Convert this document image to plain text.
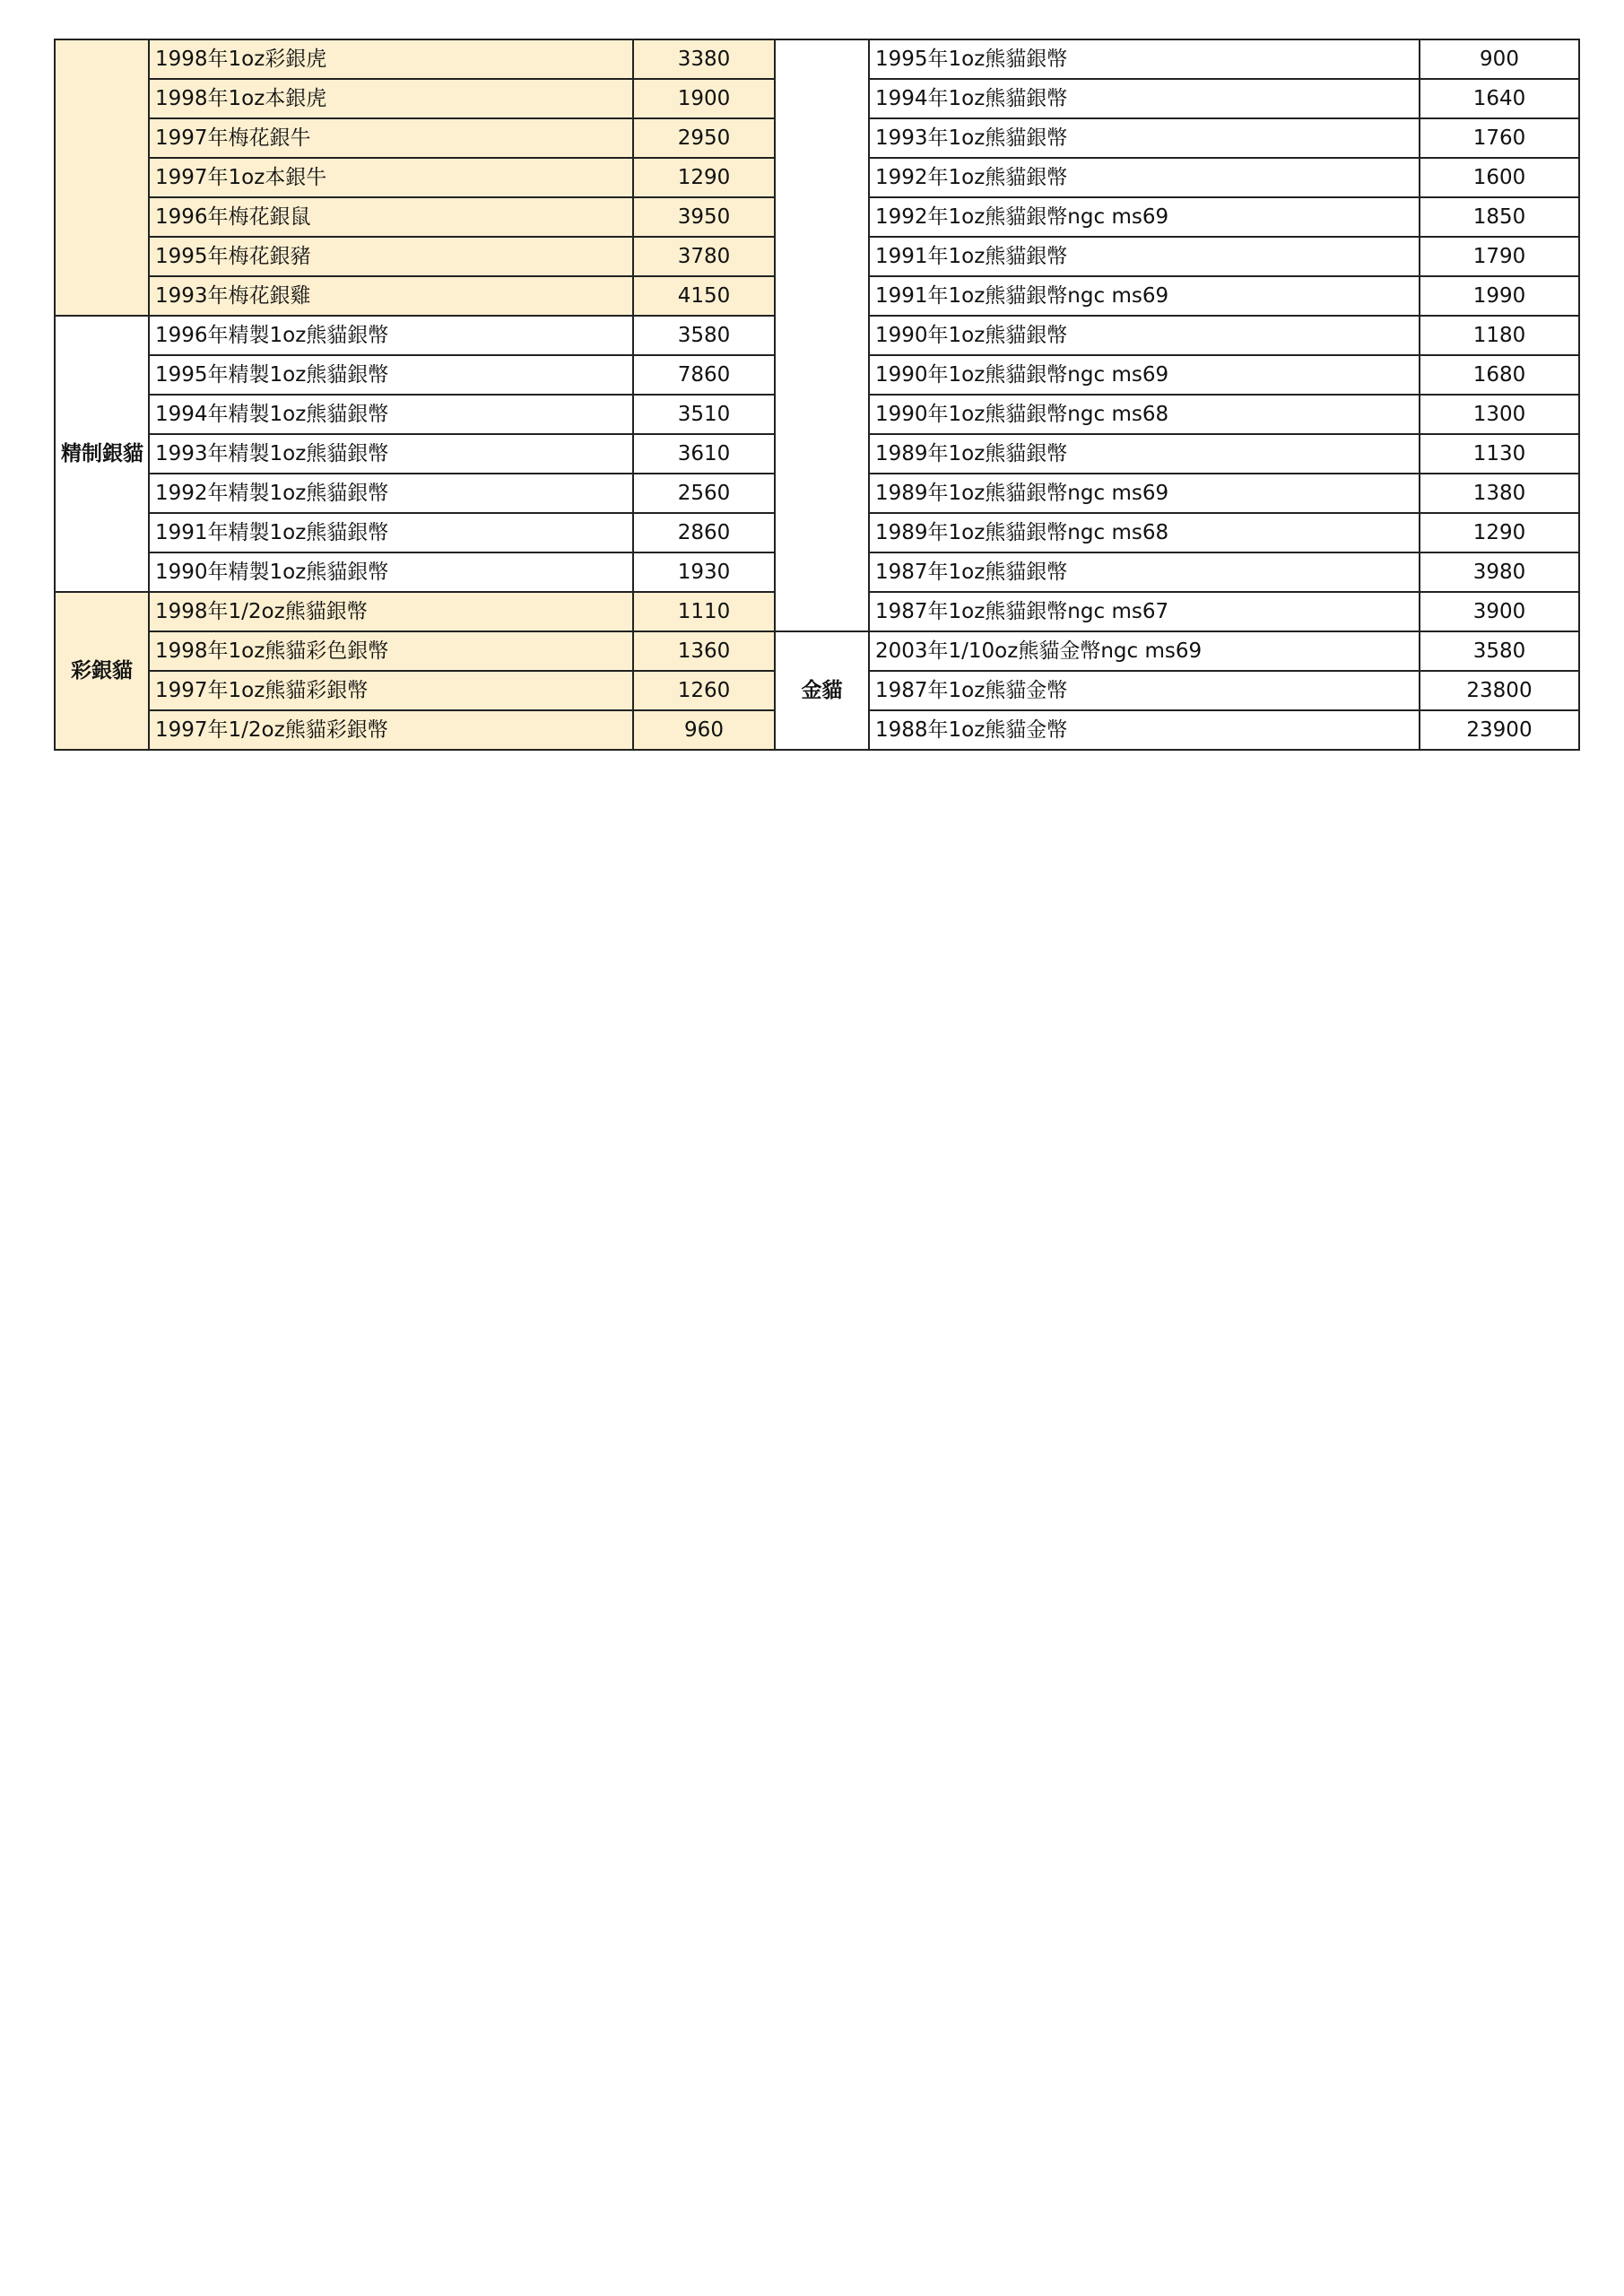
	1998年1oz彩銀虎	3380		1995年1oz熊貓銀幣	900
	1998年1oz本銀虎	1900		1994年1oz熊貓銀幣	1640
	1997年梅花銀牛	2950		1993年1oz熊貓銀幣	1760
	1997年1oz本銀牛	1290		1992年1oz熊貓銀幣	1600
	1996年梅花銀鼠	3950		1992年1oz熊貓銀幣ngc ms69	1850
	1995年梅花銀豬	3780		1991年1oz熊貓銀幣	1790
	1993年梅花銀雞	4150		1991年1oz熊貓銀幣ngc ms69	1990
精制銀貓	1996年精製1oz熊貓銀幣	3580		1990年1oz熊貓銀幣	1180
	1995年精製1oz熊貓銀幣	7860		1990年1oz熊貓銀幣ngc ms69	1680
	1994年精製1oz熊貓銀幣	3510		1990年1oz熊貓銀幣ngc ms68	1300
	1993年精製1oz熊貓銀幣	3610		1989年1oz熊貓銀幣	1130
	1992年精製1oz熊貓銀幣	2560		1989年1oz熊貓銀幣ngc ms69	1380
	1991年精製1oz熊貓銀幣	2860		1989年1oz熊貓銀幣ngc ms68	1290
	1990年精製1oz熊貓銀幣	1930		1987年1oz熊貓銀幣	3980
彩銀貓	1998年1/2oz熊貓銀幣	1110		1987年1oz熊貓銀幣ngc ms67	3900
	1998年1oz熊貓彩色銀幣	1360	金貓	2003年1/10oz熊貓金幣ngc ms69	3580
	1997年1oz熊貓彩銀幣	1260		1987年1oz熊貓金幣	23800
	1997年1/2oz熊貓彩銀幣	960		1988年1oz熊貓金幣	23900
